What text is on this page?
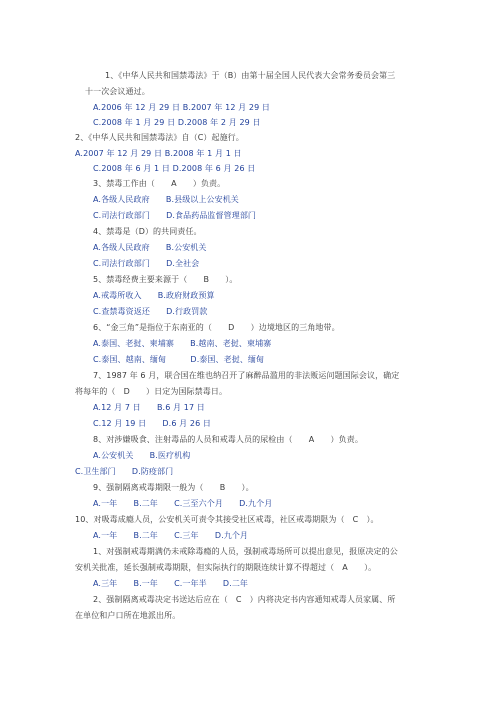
1、《中华人民共和国禁毒法》于（B）由第十届全国人民代表大会常务委员会第三
十一次会议通过。
A.2006 年 12 月 29 日 B.2007 年 12 月 29 日
C.2008 年 1 月 29 日 D.2008 年 2 月 29 日
2、《中华人民共和国禁毒法》自（C）起施行。
A.2007 年 12 月 29 日 B.2008 年 1 月 1 日
C.2008 年 6 月 1 日 D.2008 年 6 月 26 日
3、禁毒工作由（　　A　　）负责。
A.各级人民政府　　B.县级以上公安机关
C.司法行政部门　　D.食品药品监督管理部门
4、禁毒是（D）的共同责任。
A.各级人民政府　　B.公安机关
C.司法行政部门　　D.全社会
5、禁毒经费主要来源于（　　B　　）。
A.戒毒所收入　　B.政府财政预算
C.查禁毒资返还　　D.行政罚款
6、“金三角”是指位于东南亚的（　　D　　）边境地区的三角地带。
A.泰国、老挝、柬埔寨　　B.越南、老挝、柬埔寨
C.泰国、越南、缅甸　　　D.泰国、老挝、缅甸
7、1987 年 6 月，联合国在维也纳召开了麻醉品滥用的非法贩运问题国际会议，确定
将每年的（　D　　）日定为国际禁毒日。
A.12 月 7 日　　B.6 月 17 日
C.12 月 19 日　　D.6 月 26 日
8、对涉嫌吸食、注射毒品的人员和戒毒人员的尿检由（　　A　　）负责。
A.公安机关　　B.医疗机构
C.卫生部门　　D.防疫部门
9、强制隔离戒毒期限一般为（　　B　　）。
A.一年　　B.二年　　C.三至六个月　　D.九个月
10、对吸毒成瘾人员，公安机关可责令其接受社区戒毒，社区戒毒期限为（　C　）。
A.一年　　B.二年　　C.三年　　D.九个月
1、对强制戒毒期满仍未戒除毒瘾的人员，强制戒毒场所可以提出意见，报原决定的公
安机关批准，延长强制戒毒期限，但实际执行的期限连续计算不得超过（　A　　）。
A.三年　　B.一年　　C.一年半　　D.二年
2、强制隔离戒毒决定书送达后应在（　C　）内将决定书内容通知戒毒人员家属、所
在单位和户口所在地派出所。
